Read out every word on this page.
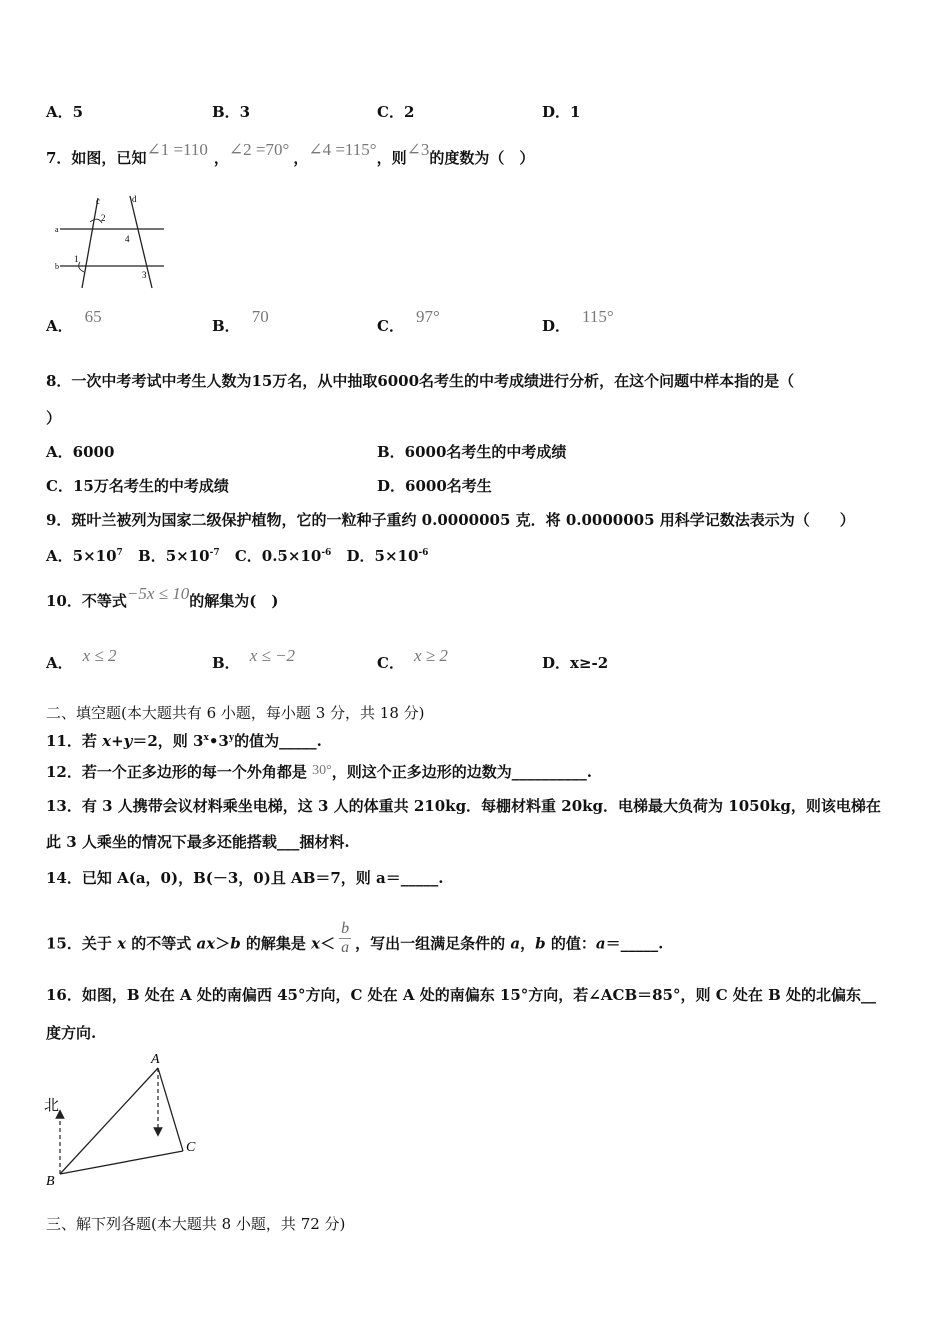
A．5	B．3	C．2	D．1
7．如图，已知∠1 =110 ，∠2 =70° ，∠4 =115°，则∠3的度数为（　）
c	d
2
4
1
3
a
b
A． 65	B． 70	C． 97°	D． 115°
8．一次中考考试中考生人数为15万名，从中抽取6000名考生的中考成绩进行分析，在这个问题中样本指的是（
）
A．6000	B．6000名考生的中考成绩
C．15万名考生的中考成绩	D．6000名考生
9．斑叶兰被列为国家二级保护植物，它的一粒种子重约 0.0000005 克．将 0.0000005 用科学记数法表示为（　　）
A．$5\times 10^7$ B．$5\times 10^{-7}$ C．$0.5\times 10^{-6}$ D．$5\times 10^{-6}$
10．不等式−5x ≤ 10的解集为(　)
A． x ≤ 2	B． x ≤ −2	C． x ≥ 2	D．x≥-2
二、填空题(本大题共有 6 小题，每小题 3 分，共 18 分)
11．若 x+y＝2，则 3$^x$•3$^y$的值为_____.
12．若一个正多边形的每一个外角都是 30°，则这个正多边形的边数为__________.
13．有 3 人携带会议材料乘坐电梯，这 3 人的体重共 210kg．每棚材料重 20kg．电梯最大负荷为 1050kg，则该电梯在
此 3 人乘坐的情况下最多还能搭载___捆材料.
14．已知 A(a，0)，B(－3，0)且 AB＝7，则 a＝_____.
15．关于 x 的不等式 ax＞b 的解集是 $x< \frac{b}{a}$ ，写出一组满足条件的 a，b 的值：a＝_____.
16．如图，B 处在 A 处的南偏西 45°方向，C 处在 A 处的南偏东 15°方向，若∠ACB＝85°，则 C 处在 B 处的北偏东__
度方向.
北
A
B
C
三、解下列各题(本大题共 8 小题，共 72 分)
